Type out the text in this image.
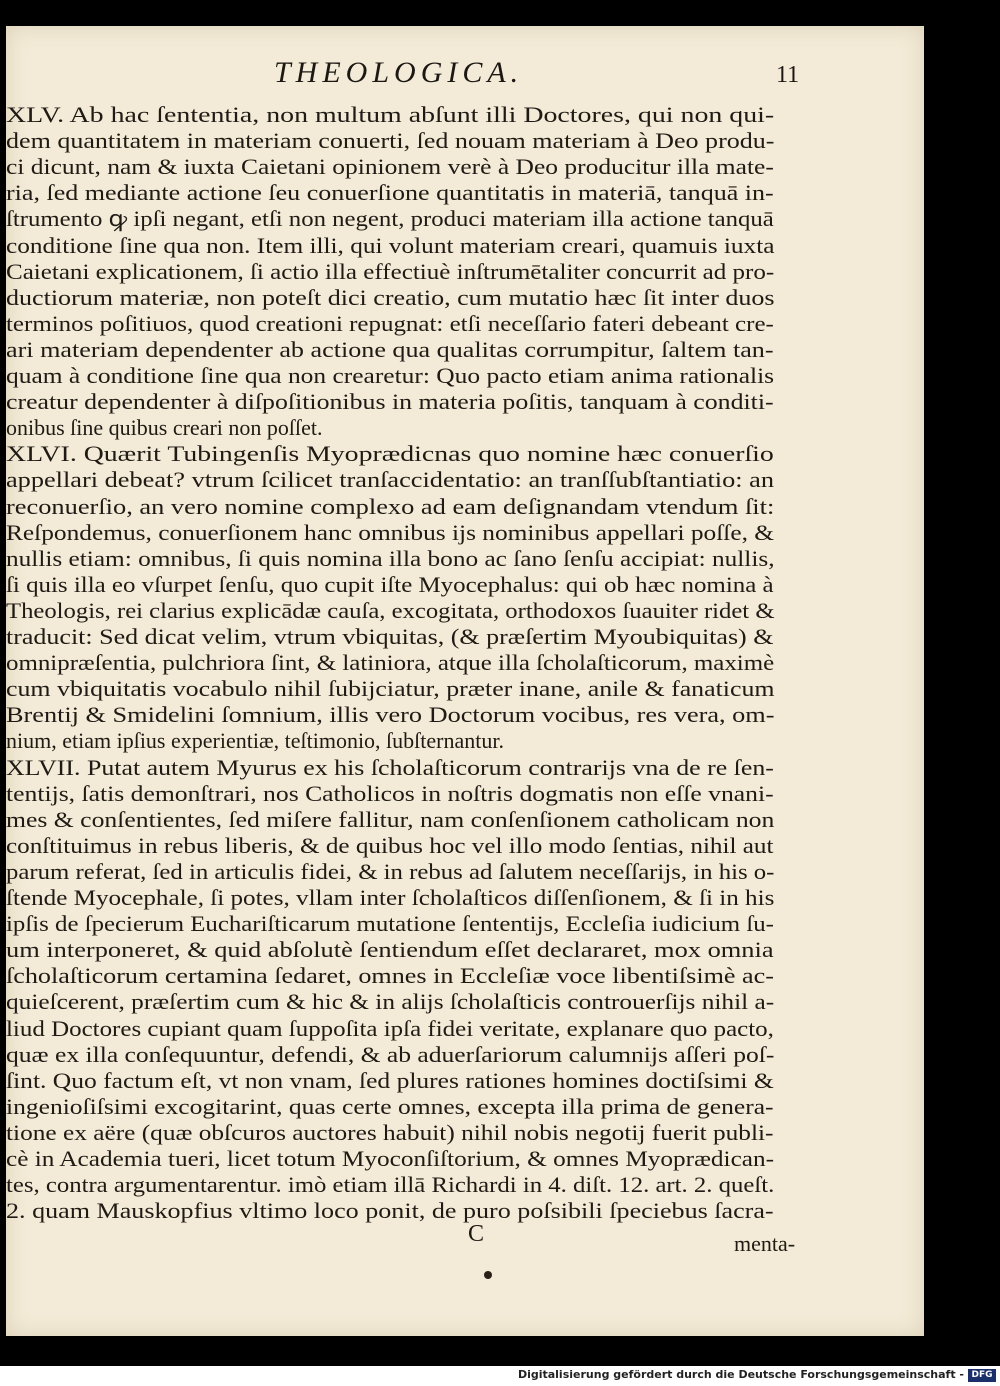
THEOLOGICA.	11
XLV. Ab hac ſententia, non multum abſunt illi Doctores, qui non qui-
dem quantitatem in materiam conuerti, ſed nouam materiam à Deo produ-
ci dicunt, nam & iuxta Caietani opinionem verè à Deo producitur illa mate-
ria, ſed mediante actione ſeu conuerſione quantitatis in materiā, tanquā in-
ſtrumento ꝙ ipſi negant, etſi non negent, produci materiam illa actione tanquā
conditione ſine qua non. Item illi, qui volunt materiam creari, quamuis iuxta
Caietani explicationem, ſi actio illa effectiuè inſtrumētaliter concurrit ad pro-
ductiorum materiæ, non poteſt dici creatio, cum mutatio hæc ſit inter duos
terminos poſitiuos, quod creationi repugnat: etſi neceſſario fateri debeant cre-
ari materiam dependenter ab actione qua qualitas corrumpitur, ſaltem tan-
quam à conditione ſine qua non crearetur: Quo pacto etiam anima rationalis
creatur dependenter à diſpoſitionibus in materia poſitis, tanquam à conditi-
onibus ſine quibus creari non poſſet.
XLVI. Quærit Tubingenſis Myoprædicnas quo nomine hæc conuerſio
appellari debeat? vtrum ſcilicet tranſaccidentatio: an tranſſubſtantiatio: an
reconuerſio, an vero nomine complexo ad eam deſignandam vtendum ſit:
Reſpondemus, conuerſionem hanc omnibus ijs nominibus appellari poſſe, &
nullis etiam: omnibus, ſi quis nomina illa bono ac ſano ſenſu accipiat: nullis,
ſi quis illa eo vſurpet ſenſu, quo cupit iſte Myocephalus: qui ob hæc nomina à
Theologis, rei clarius explicādæ cauſa, excogitata, orthodoxos ſuauiter ridet &
traducit: Sed dicat velim, vtrum vbiquitas, (& præſertim Myoubiquitas) &
omnipræſentia, pulchriora ſint, & latiniora, atque illa ſcholaſticorum, maximè
cum vbiquitatis vocabulo nihil ſubijciatur, præter inane, anile & fanaticum
Brentij & Smidelini ſomnium, illis vero Doctorum vocibus, res vera, om-
nium, etiam ipſius experientiæ, teſtimonio, ſubſternantur.
XLVII. Putat autem Myurus ex his ſcholaſticorum contrarijs vna de re ſen-
tentijs, ſatis demonſtrari, nos Catholicos in noſtris dogmatis non eſſe vnani-
mes & conſentientes, ſed miſere fallitur, nam conſenſionem catholicam non
conſtituimus in rebus liberis, & de quibus hoc vel illo modo ſentias, nihil aut
parum referat, ſed in articulis fidei, & in rebus ad ſalutem neceſſarijs, in his o-
ſtende Myocephale, ſi potes, vllam inter ſcholaſticos diſſenſionem, & ſi in his
ipſis de ſpecierum Euchariſticarum mutatione ſententijs, Eccleſia iudicium ſu-
um interponeret, & quid abſolutè ſentiendum eſſet declararet, mox omnia
ſcholaſticorum certamina ſedaret, omnes in Eccleſiæ voce libentiſsimè ac-
quieſcerent, præſertim cum & hic & in alijs ſcholaſticis controuerſijs nihil a-
liud Doctores cupiant quam ſuppoſita ipſa fidei veritate, explanare quo pacto,
quæ ex illa conſequuntur, defendi, & ab aduerſariorum calumnijs aſſeri poſ-
ſint. Quo factum eſt, vt non vnam, ſed plures rationes homines doctiſsimi &
ingenioſiſsimi excogitarint, quas certe omnes, excepta illa prima de genera-
tione ex aëre (quæ obſcuros auctores habuit) nihil nobis negotij fuerit publi-
cè in Academia tueri, licet totum Myoconſiſtorium, & omnes Myoprædican-
tes, contra argumentarentur. imò etiam illā Richardi in 4. diſt. 12. art. 2. queſt.
2. quam Mauskopfius vltimo loco ponit, de puro poſsibili ſpeciebus ſacra-
C	menta-
Digitalisierung gefördert durch die Deutsche Forschungsgemeinschaft - DFG
